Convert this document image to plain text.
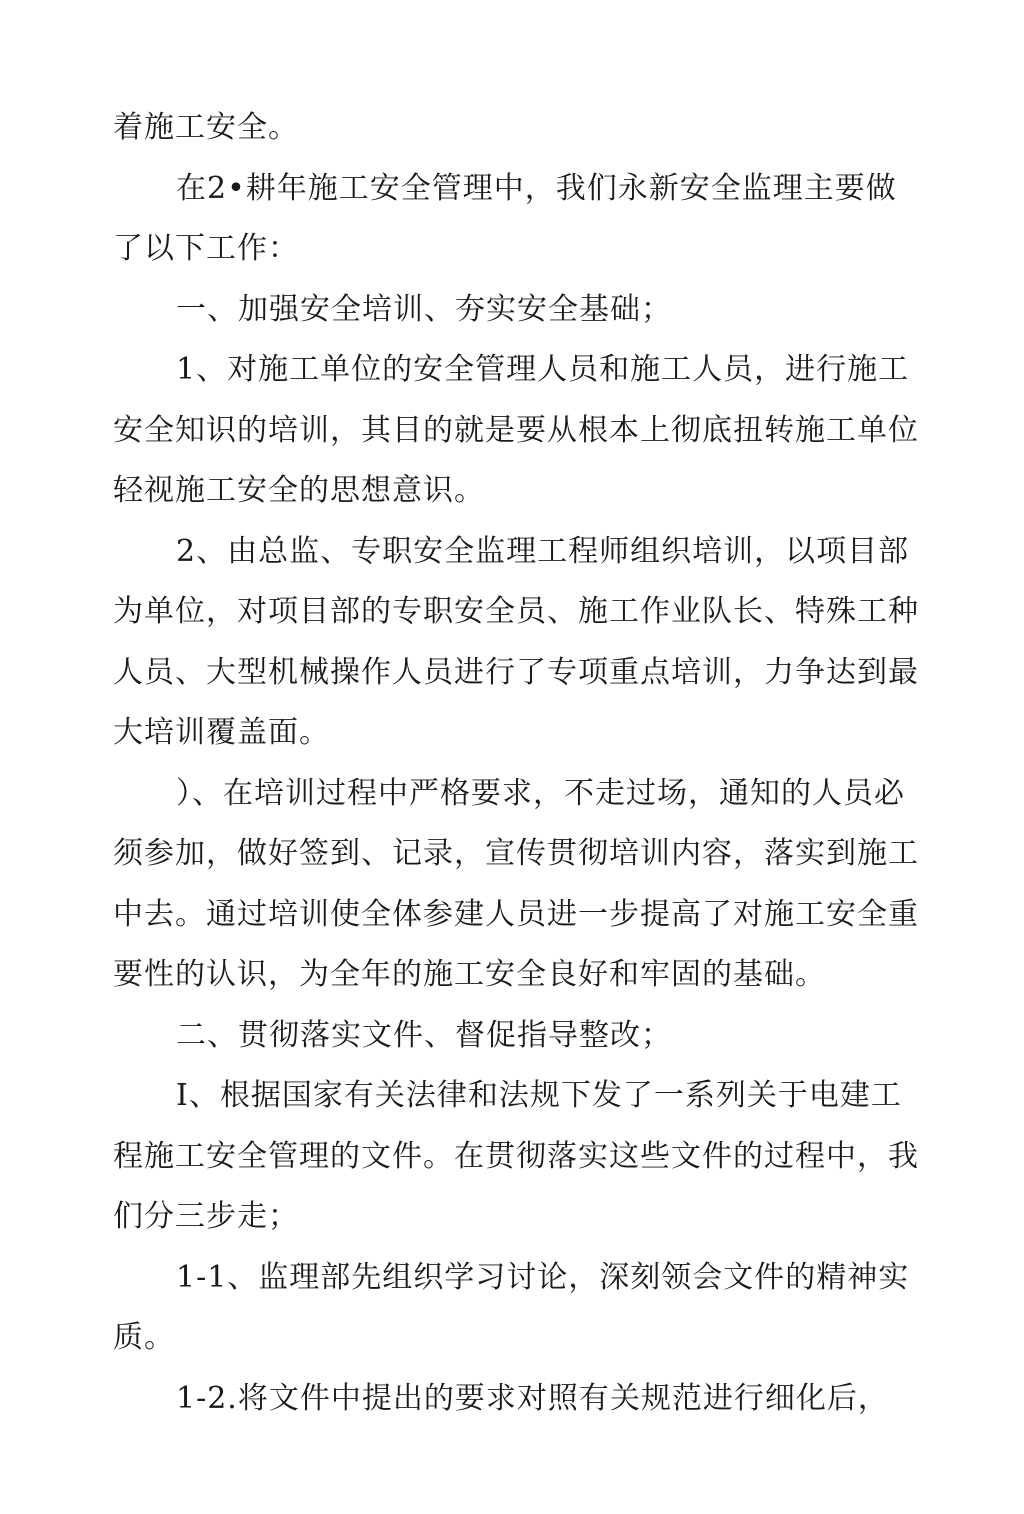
着施工安全。
在2•耕年施工安全管理中，我们永新安全监理主要做
了以下工作：
一、加强安全培训、夯实安全基础；
1、对施工单位的安全管理人员和施工人员，进行施工
安全知识的培训，其目的就是要从根本上彻底扭转施工单位
轻视施工安全的思想意识。
2、由总监、专职安全监理工程师组织培训，以项目部
为单位，对项目部的专职安全员、施工作业队长、特殊工种
人员、大型机械操作人员进行了专项重点培训，力争达到最
大培训覆盖面。
）、在培训过程中严格要求，不走过场，通知的人员必
须参加，做好签到、记录，宣传贯彻培训内容，落实到施工
中去。通过培训使全体参建人员进一步提高了对施工安全重
要性的认识，为全年的施工安全良好和牢固的基础。
二、贯彻落实文件、督促指导整改；
I、根据国家有关法律和法规下发了一系列关于电建工
程施工安全管理的文件。在贯彻落实这些文件的过程中，我
们分三步走；
1-1、监理部先组织学习讨论，深刻领会文件的精神实
质。
1-2.将文件中提出的要求对照有关规范进行细化后，
